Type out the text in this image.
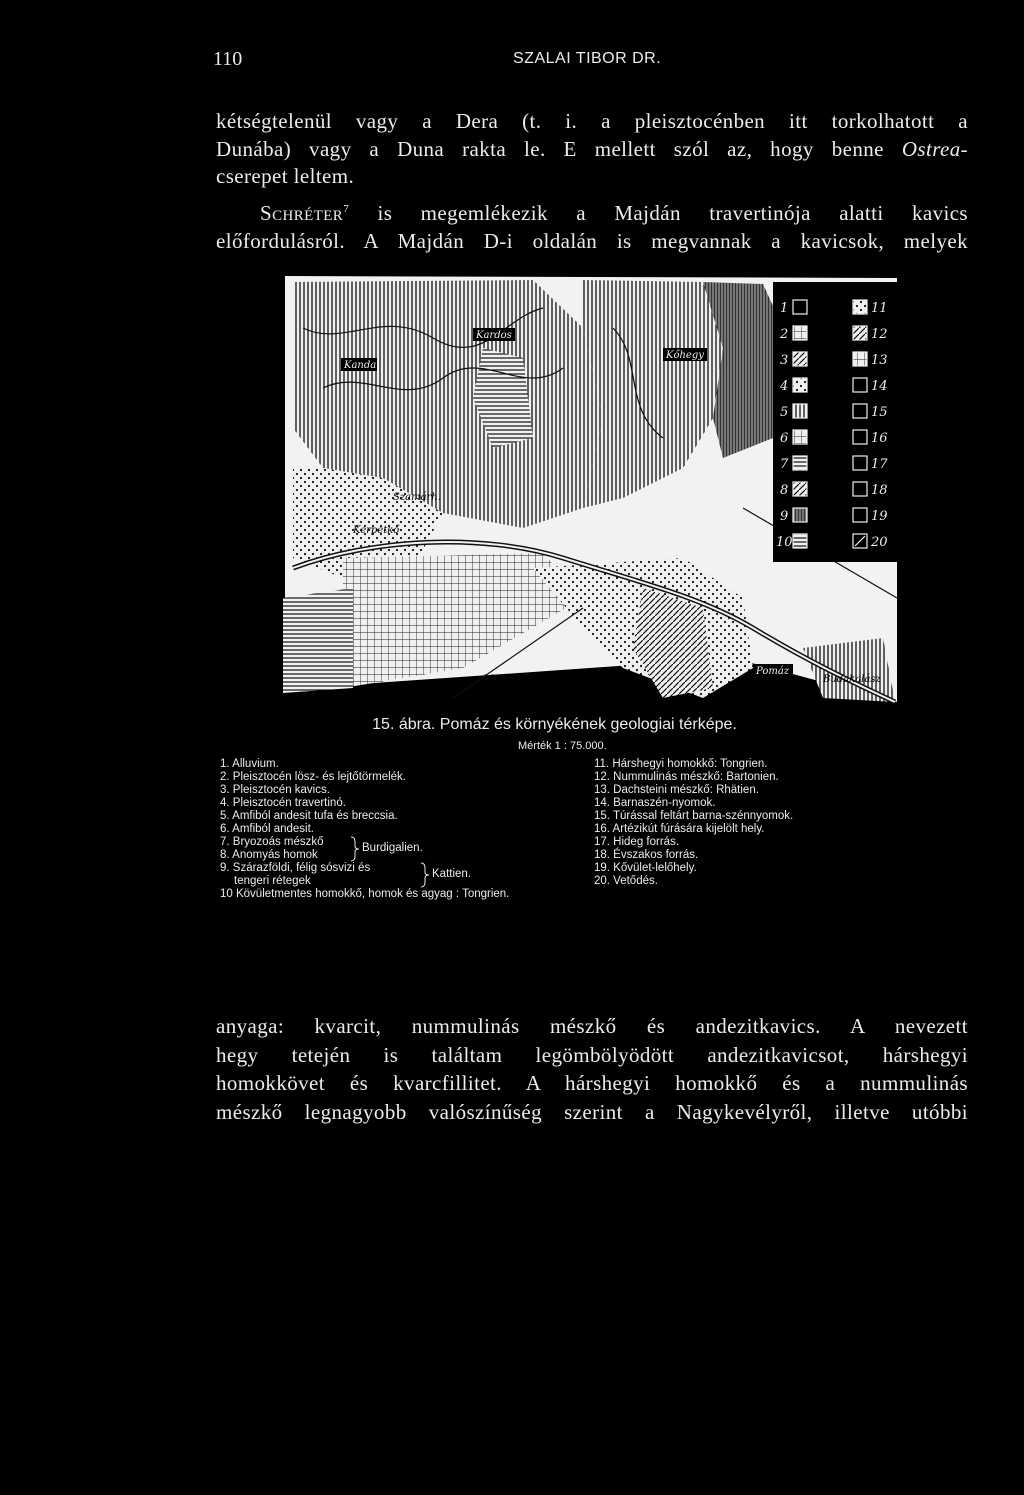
110	SZALAI TIBOR DR.
kétségtelenül vagy a Dera (t. i. a pleisztocénben itt torkolhatott a
Dunába) vagy a Duna rakta le. E mellett szól az, hogy benne Ostrea-
cserepet leltem.
Schréter$^7$ is megemlékezik a Majdán travertinója alatti kavics
előfordulásról. A Majdán D-i oldalán is megvannak a kavicsok, melyek
1
2
3
4
5
6
7
8
9
10
11
12
13
14
15
16
17
18
19
20
Kardos
Kőhegy
Kanda
Szamárh.
Kerpetkő
Majdán
Pomáz
Budakalász
15. ábra. Pomáz és környékének geologiai térképe.
Mérték 1 : 75.000.
1. Alluvium.
2. Pleisztocén lösz- és lejtőtörmelék.
3. Pleisztocén kavics.
4. Pleisztocén travertinó.
5. Amfiból andesit tufa és breccsia.
6. Amfiból andesit.
7. Bryozoás mészkő
8. Anomyás homok
Burdigalien.
9. Szárazföldi, félig sósvizi és
tengeri rétegek
Kattien.
10 Kövületmentes homokkő, homok és agyag : Tongrien.
11. Hárshegyi homokkő: Tongrien.
12. Nummulinás mészkő: Bartonien.
13. Dachsteini mészkő: Rhätien.
14. Barnaszén-nyomok.
15. Túrással feltárt barna-szénnyomok.
16. Artézikút fúrására kijelölt hely.
17. Hideg forrás.
18. Évszakos forrás.
19. Kővület-lelőhely.
20. Vetődés.
anyaga: kvarcit, nummulinás mészkő és andezitkavics. A nevezett
hegy tetején is találtam legömbölyödött andezitkavicsot, hárshegyi
homokkövet és kvarcfillitet. A hárshegyi homokkő és a nummulinás
mészkő legnagyobb valószínűség szerint a Nagykevélyről, illetve utóbbi
